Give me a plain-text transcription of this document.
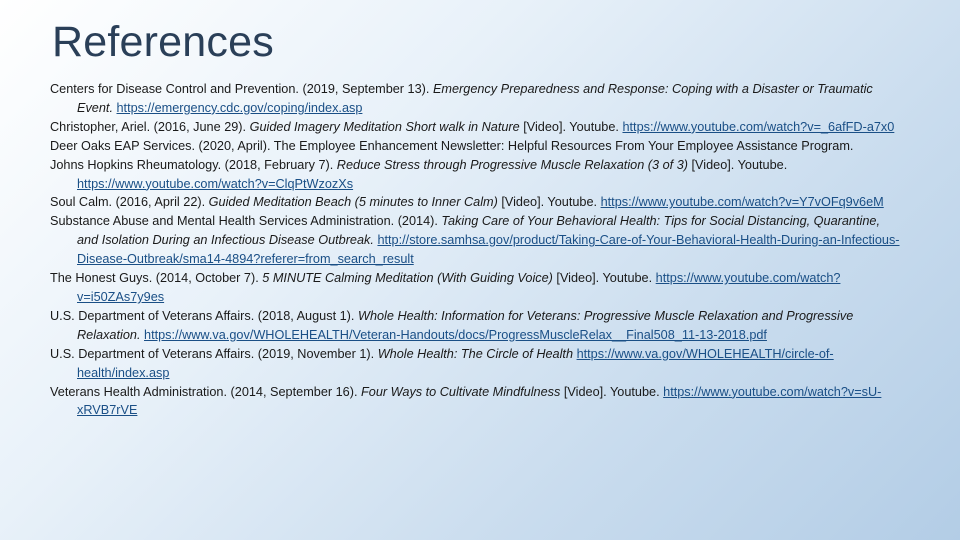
References

Centers for Disease Control and Prevention. (2019, September 13). Emergency Preparedness and Response: Coping with a Disaster or Traumatic Event. https://emergency.cdc.gov/coping/index.asp

Christopher, Ariel. (2016, June 29). Guided Imagery Meditation Short walk in Nature [Video]. Youtube. https://www.youtube.com/watch?v=_6afFD-a7x0

Deer Oaks EAP Services. (2020, April). The Employee Enhancement Newsletter: Helpful Resources From Your Employee Assistance Program.

Johns Hopkins Rheumatology. (2018, February 7). Reduce Stress through Progressive Muscle Relaxation (3 of 3) [Video]. Youtube. https://www.youtube.com/watch?v=ClqPtWzozXs

Soul Calm. (2016, April 22). Guided Meditation Beach (5 minutes to Inner Calm) [Video]. Youtube. https://www.youtube.com/watch?v=Y7vOFq9v6eM

Substance Abuse and Mental Health Services Administration. (2014). Taking Care of Your Behavioral Health: Tips for Social Distancing, Quarantine, and Isolation During an Infectious Disease Outbreak. http://store.samhsa.gov/product/Taking-Care-of-Your-Behavioral-Health-During-an-Infectious-Disease-Outbreak/sma14-4894?referer=from_search_result

The Honest Guys. (2014, October 7). 5 MINUTE Calming Meditation (With Guiding Voice) [Video]. Youtube. https://www.youtube.com/watch?v=i50ZAs7y9es

U.S. Department of Veterans Affairs. (2018, August 1). Whole Health: Information for Veterans: Progressive Muscle Relaxation and Progressive Relaxation. https://www.va.gov/WHOLEHEALTH/Veteran-Handouts/docs/ProgressMuscleRelax__Final508_11-13-2018.pdf

U.S. Department of Veterans Affairs. (2019, November 1). Whole Health: The Circle of Health https://www.va.gov/WHOLEHEALTH/circle-of-health/index.asp

Veterans Health Administration. (2014, September 16). Four Ways to Cultivate Mindfulness [Video]. Youtube. https://www.youtube.com/watch?v=sU-xRVB7rVE
